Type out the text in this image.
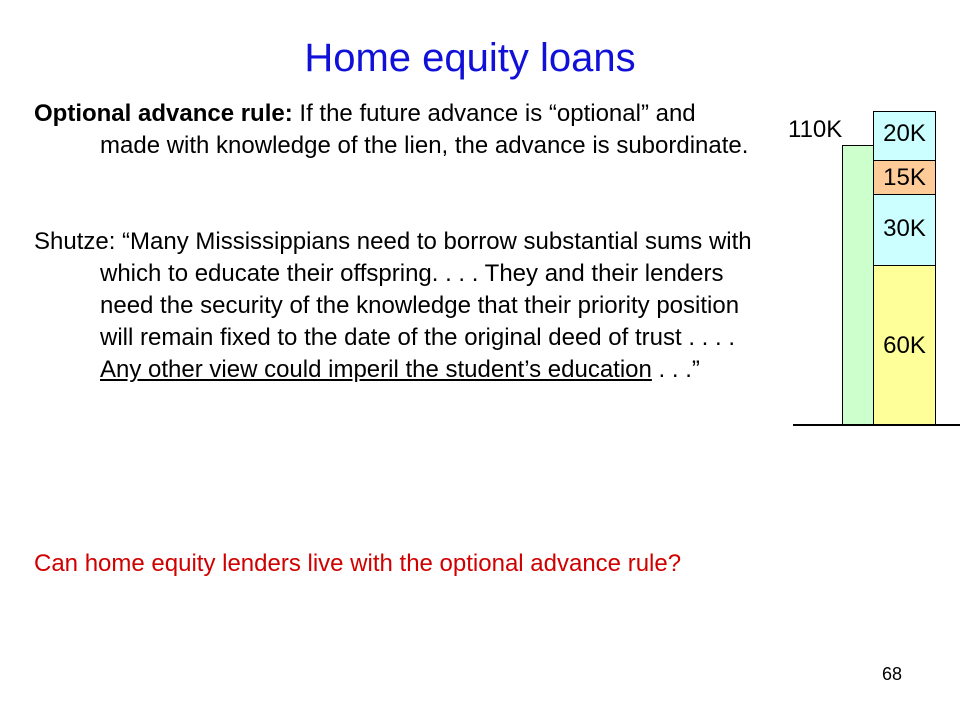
Home equity loans
Optional advance rule: If the future advance is “optional” and made with knowledge of the lien, the advance is subordinate.
Shutze: “Many Mississippians need to borrow substantial sums with which to educate their offspring. . . . They and their lenders need the security of the knowledge that their priority position will remain fixed to the date of the original deed of trust . . . . Any other view could imperil the student’s education . . .”
Can home equity lenders live with the optional advance rule?
110K	20K
15K
30K
60K
68
